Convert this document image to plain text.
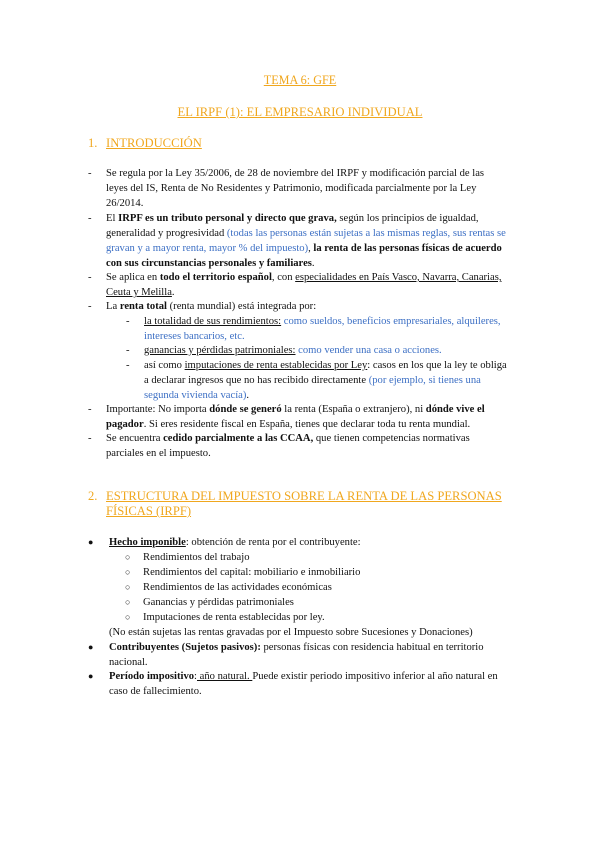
TEMA 6: GFE
EL IRPF (1): EL EMPRESARIO INDIVIDUAL
1. INTRODUCCIÓN
- Se regula por la Ley 35/2006, de 28 de noviembre del IRPF y modificación parcial de las leyes del IS, Renta de No Residentes y Patrimonio, modificada parcialmente por la Ley 26/2014.

- El IRPF es un tributo personal y directo que grava, según los principios de igualdad, generalidad y progresividad (todas las personas están sujetas a las mismas reglas, sus rentas se gravan y a mayor renta, mayor % del impuesto), la renta de las personas físicas de acuerdo con sus circunstancias personales y familiares.

- Se aplica en todo el territorio español, con especialidades en País Vasco, Navarra, Canarias, Ceuta y Melilla.

- La renta total (renta mundial) está integrada por:

- la totalidad de sus rendimientos: como sueldos, beneficios empresariales, alquileres, intereses bancarios, etc.

- ganancias y pérdidas patrimoniales: como vender una casa o acciones.

- así como imputaciones de renta establecidas por Ley: casos en los que la ley te obliga a declarar ingresos que no has recibido directamente (por ejemplo, si tienes una segunda vivienda vacía).

- Importante: No importa dónde se generó la renta (España o extranjero), ni dónde vive el pagador. Si eres residente fiscal en España, tienes que declarar toda tu renta mundial.

- Se encuentra cedido parcialmente a las CCAA, que tienen competencias normativas parciales en el impuesto.

2. ESTRUCTURA DEL IMPUESTO SOBRE LA RENTA DE LAS PERSONAS FÍSICAS (IRPF)

● Hecho imponible: obtención de renta por el contribuyente:

○ Rendimientos del trabajo
○ Rendimientos del capital: mobiliario e inmobiliario
○ Rendimientos de las actividades económicas
○ Ganancias y pérdidas patrimoniales
○ Imputaciones de renta establecidas por ley.
(No están sujetas las rentas gravadas por el Impuesto sobre Sucesiones y Donaciones)
● Contribuyentes (Sujetos pasivos): personas físicas con residencia habitual en territorio nacional.

● Período impositivo: año natural. Puede existir periodo impositivo inferior al año natural en caso de fallecimiento.
